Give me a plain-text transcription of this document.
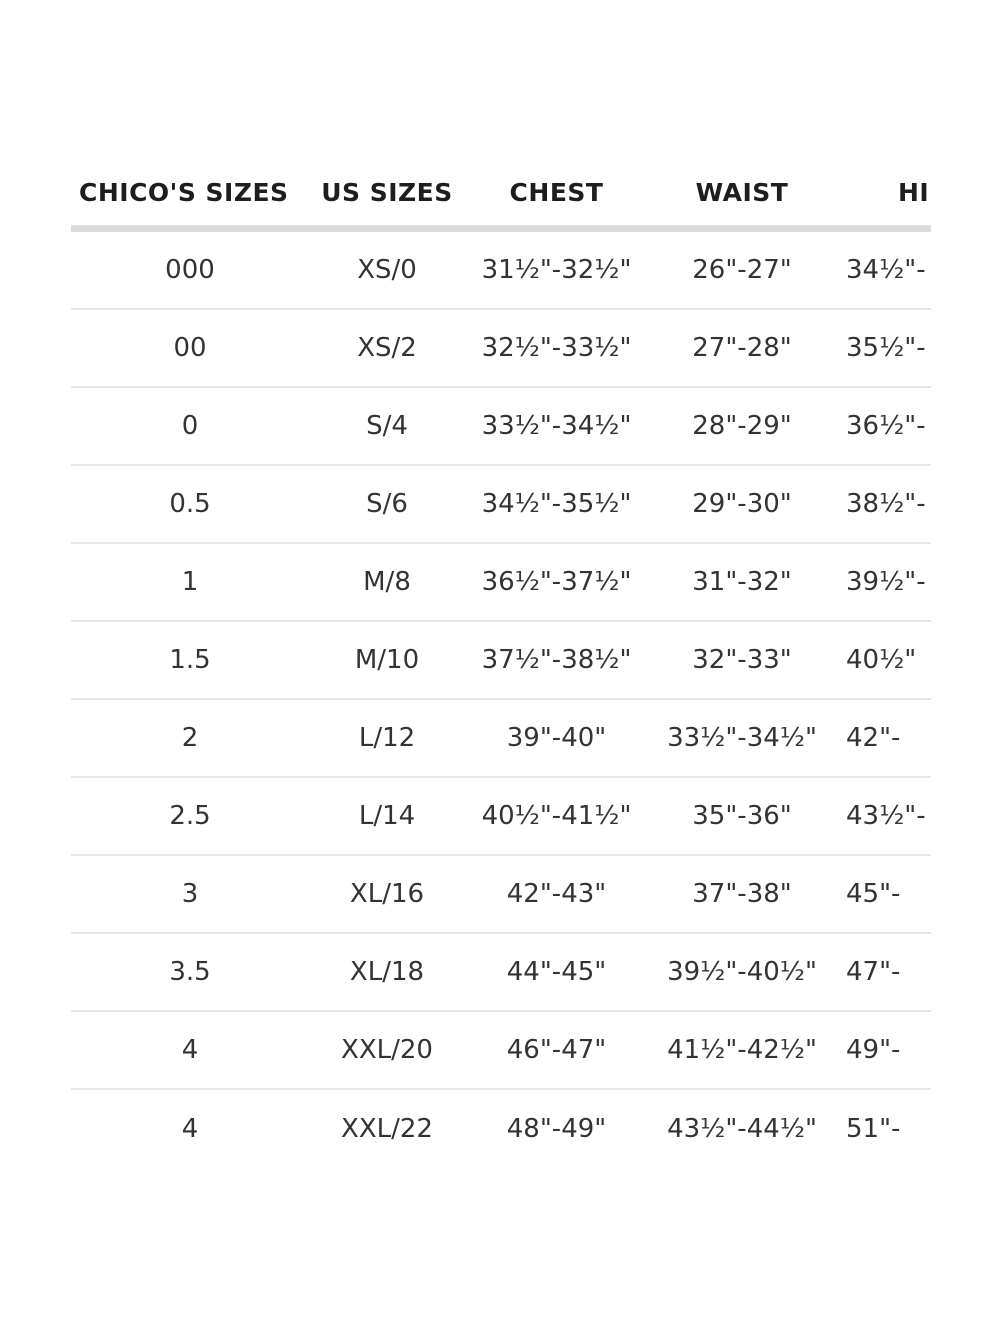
CHICO'S SIZES	US SIZES	CHEST	WAIST	HI
000	XS/0	31½"-32½"	26"-27"	34½"-
00	XS/2	32½"-33½"	27"-28"	35½"-
0	S/4	33½"-34½"	28"-29"	36½"-
0.5	S/6	34½"-35½"	29"-30"	38½"-
1	M/8	36½"-37½"	31"-32"	39½"-
1.5	M/10	37½"-38½"	32"-33"	40½"
2	L/12	39"-40"	33½"-34½"	42"-
2.5	L/14	40½"-41½"	35"-36"	43½"-
3	XL/16	42"-43"	37"-38"	45"-
3.5	XL/18	44"-45"	39½"-40½"	47"-
4	XXL/20	46"-47"	41½"-42½"	49"-
4	XXL/22	48"-49"	43½"-44½"	51"-
